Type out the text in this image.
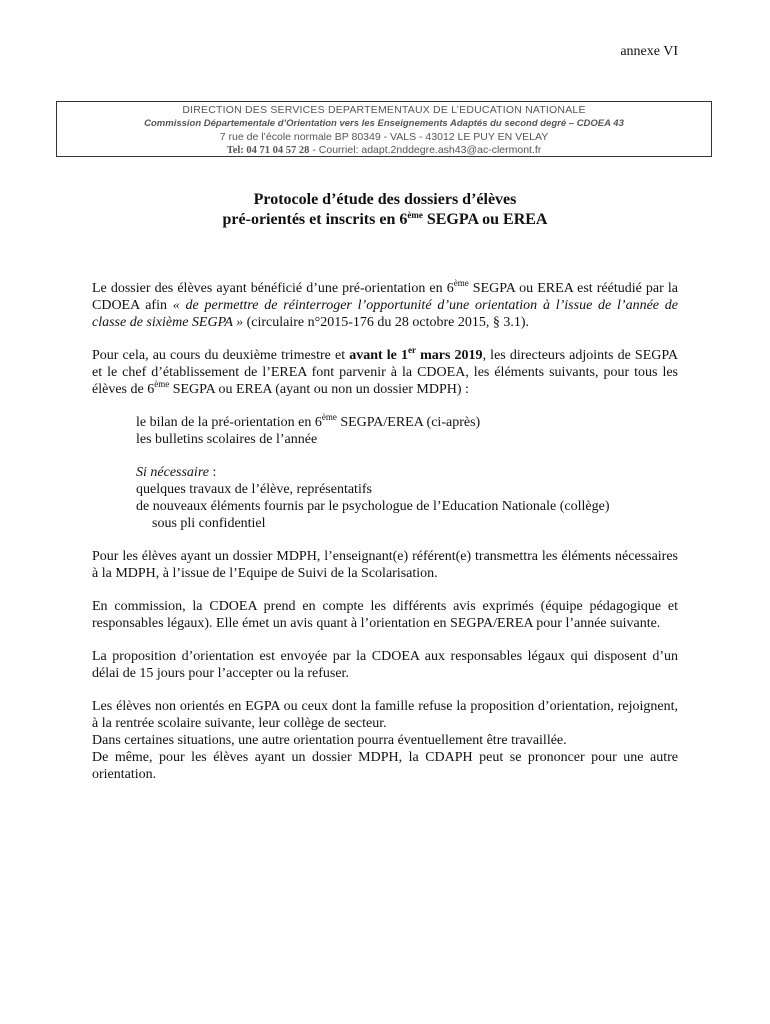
annexe VI
DIRECTION DES SERVICES DEPARTEMENTAUX DE L’EDUCATION NATIONALE
Commission Départementale d’Orientation vers les Enseignements Adaptés du second degré – CDOEA 43
7 rue de l’école normale BP 80349 - VALS - 43012 LE PUY EN VELAY
Tel: 04 71 04 57 28 - Courriel: adapt.2nddegre.ash43@ac-clermont.fr
Protocole d’étude des dossiers d’élèves
pré-orientés et inscrits en 6ème SEGPA ou EREA

Le dossier des élèves ayant bénéficié d’une pré-orientation en 6ème SEGPA ou EREA est réétudié par la CDOEA afin « de permettre de réinterroger l’opportunité d’une orientation à l’issue de l’année de classe de sixième SEGPA » (circulaire n°2015-176 du 28 octobre 2015, § 3.1).

Pour cela, au cours du deuxième trimestre et avant le 1er mars 2019, les directeurs adjoints de SEGPA et le chef d’établissement de l’EREA font parvenir à la CDOEA, les éléments suivants, pour tous les élèves de 6ème SEGPA ou EREA (ayant ou non un dossier MDPH) :

le bilan de la pré-orientation en 6ème SEGPA/EREA (ci-après)
les bulletins scolaires de l’année
Si nécessaire :
quelques travaux de l’élève, représentatifs
de nouveaux éléments fournis par le psychologue de l’Education Nationale (collège)
sous pli confidentiel

Pour les élèves ayant un dossier MDPH, l’enseignant(e) référent(e) transmettra les éléments nécessaires à la MDPH, à l’issue de l’Equipe de Suivi de la Scolarisation.

En commission, la CDOEA prend en compte les différents avis exprimés (équipe pédagogique et responsables légaux). Elle émet un avis quant à l’orientation en SEGPA/EREA pour l’année suivante.

La proposition d’orientation est envoyée par la CDOEA aux responsables légaux qui disposent d’un délai de 15 jours pour l’accepter ou la refuser.

Les élèves non orientés en EGPA ou ceux dont la famille refuse la proposition d’orientation, rejoignent, à la rentrée scolaire suivante, leur collège de secteur.

Dans certaines situations, une autre orientation pourra éventuellement être travaillée.

De même, pour les élèves ayant un dossier MDPH, la CDAPH peut se prononcer pour une autre orientation.
